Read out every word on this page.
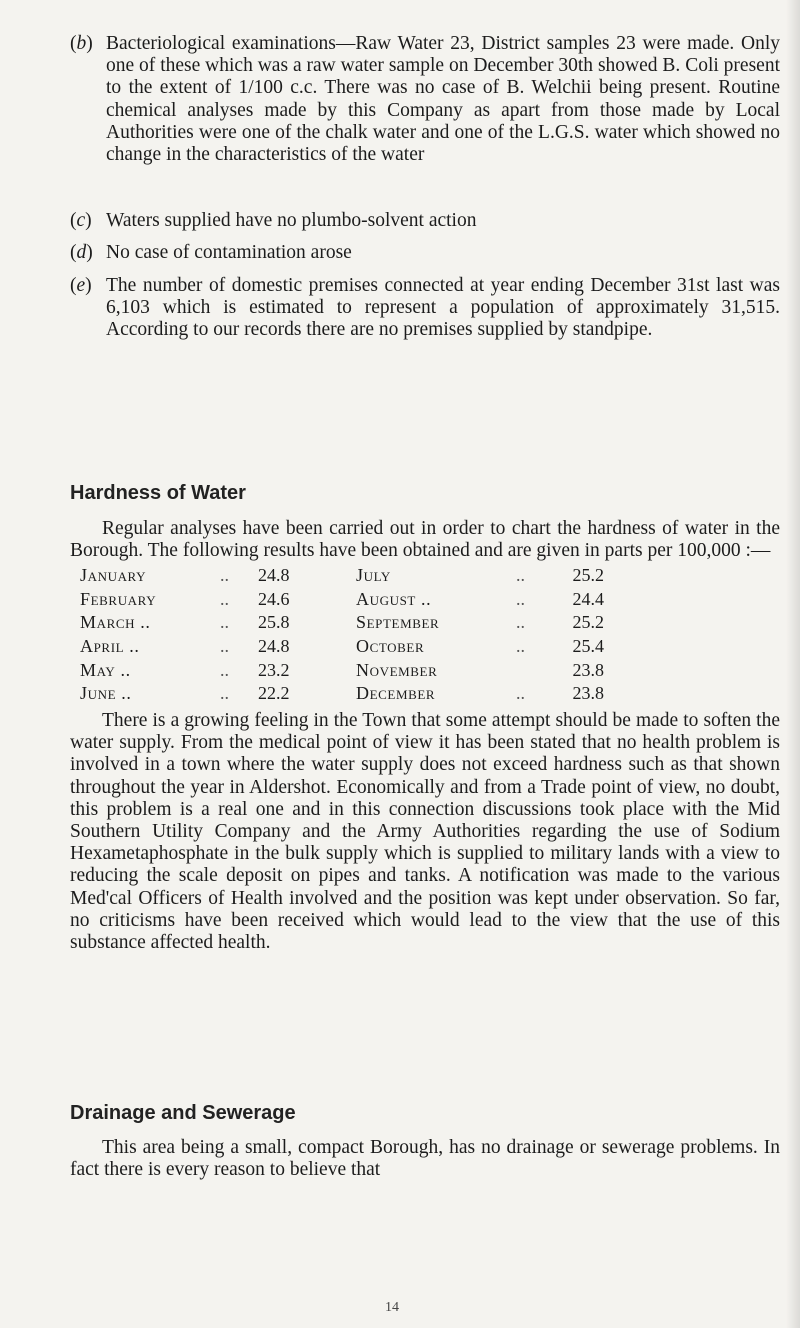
(b) Bacteriological examinations—Raw Water 23, District samples 23 were made. Only one of these which was a raw water sample on December 30th showed B. Coli present to the extent of 1/100 c.c. There was no case of B. Welchii being present. Routine chemical analyses made by this Company as apart from those made by Local Authorities were one of the chalk water and one of the L.G.S. water which showed no change in the characteristics of the water
(c) Waters supplied have no plumbo-solvent action
(d) No case of contamination arose
(e) The number of domestic premises connected at year ending December 31st last was 6,103 which is estimated to represent a population of approximately 31,515. According to our records there are no premises supplied by standpipe.
Hardness of Water

Regular analyses have been carried out in order to chart the hardness of water in the Borough. The following results have been obtained and are given in parts per 100,000 :—

January	..	24.8	July	..	25.2
February	..	24.6	August ..	..	24.4
March ..	..	25.8	September	..	25.2
April ..	..	24.8	October	..	25.4
May ..	..	23.2	November		23.8
June ..	..	22.2	December	..	23.8

There is a growing feeling in the Town that some attempt should be made to soften the water supply. From the medical point of view it has been stated that no health problem is involved in a town where the water supply does not exceed hardness such as that shown throughout the year in Aldershot. Economically and from a Trade point of view, no doubt, this problem is a real one and in this connection discussions took place with the Mid Southern Utility Company and the Army Authorities regarding the use of Sodium Hexametaphosphate in the bulk supply which is supplied to military lands with a view to reducing the scale deposit on pipes and tanks. A notification was made to the various Med'cal Officers of Health involved and the position was kept under observation. So far, no criticisms have been received which would lead to the view that the use of this substance affected health.

Drainage and Sewerage

This area being a small, compact Borough, has no drainage or sewerage problems. In fact there is every reason to believe that

14
